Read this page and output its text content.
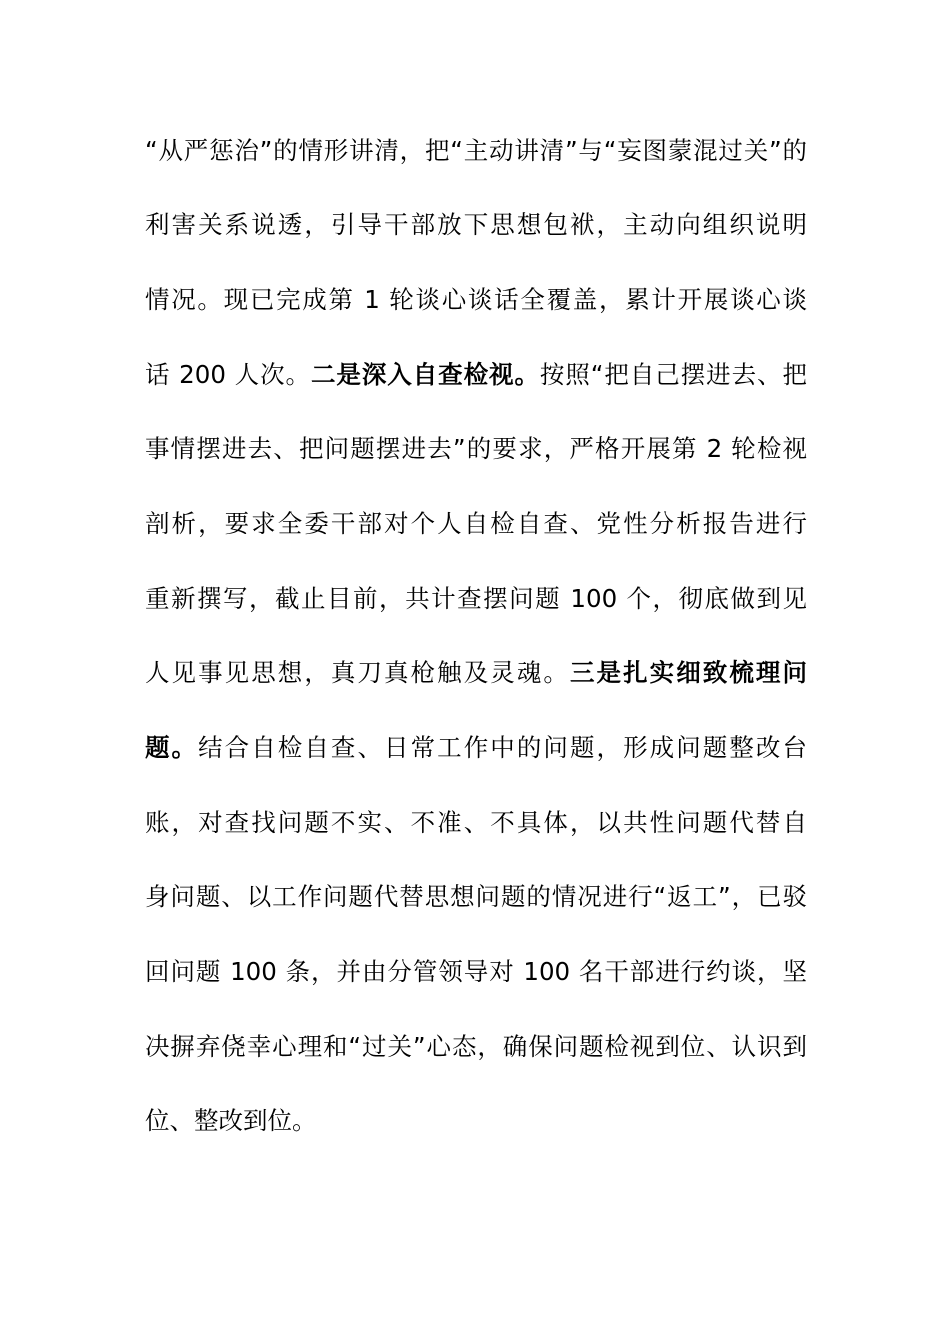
“从严惩治”的情形讲清，把“主动讲清”与“妄图蒙混过关”的
利害关系说透，引导干部放下思想包袱，主动向组织说明
情况。现已完成第 1 轮谈心谈话全覆盖，累计开展谈心谈
话 200 人次。二是深入自查检视。按照“把自己摆进去、把
事情摆进去、把问题摆进去”的要求，严格开展第 2 轮检视
剖析，要求全委干部对个人自检自查、党性分析报告进行
重新撰写，截止目前，共计查摆问题 100 个，彻底做到见
人见事见思想，真刀真枪触及灵魂。三是扎实细致梳理问
题。结合自检自查、日常工作中的问题，形成问题整改台
账，对查找问题不实、不准、不具体，以共性问题代替自
身问题、以工作问题代替思想问题的情况进行“返工”，已驳
回问题 100 条，并由分管领导对 100 名干部进行约谈，坚
决摒弃侥幸心理和“过关”心态，确保问题检视到位、认识到
位、整改到位。
